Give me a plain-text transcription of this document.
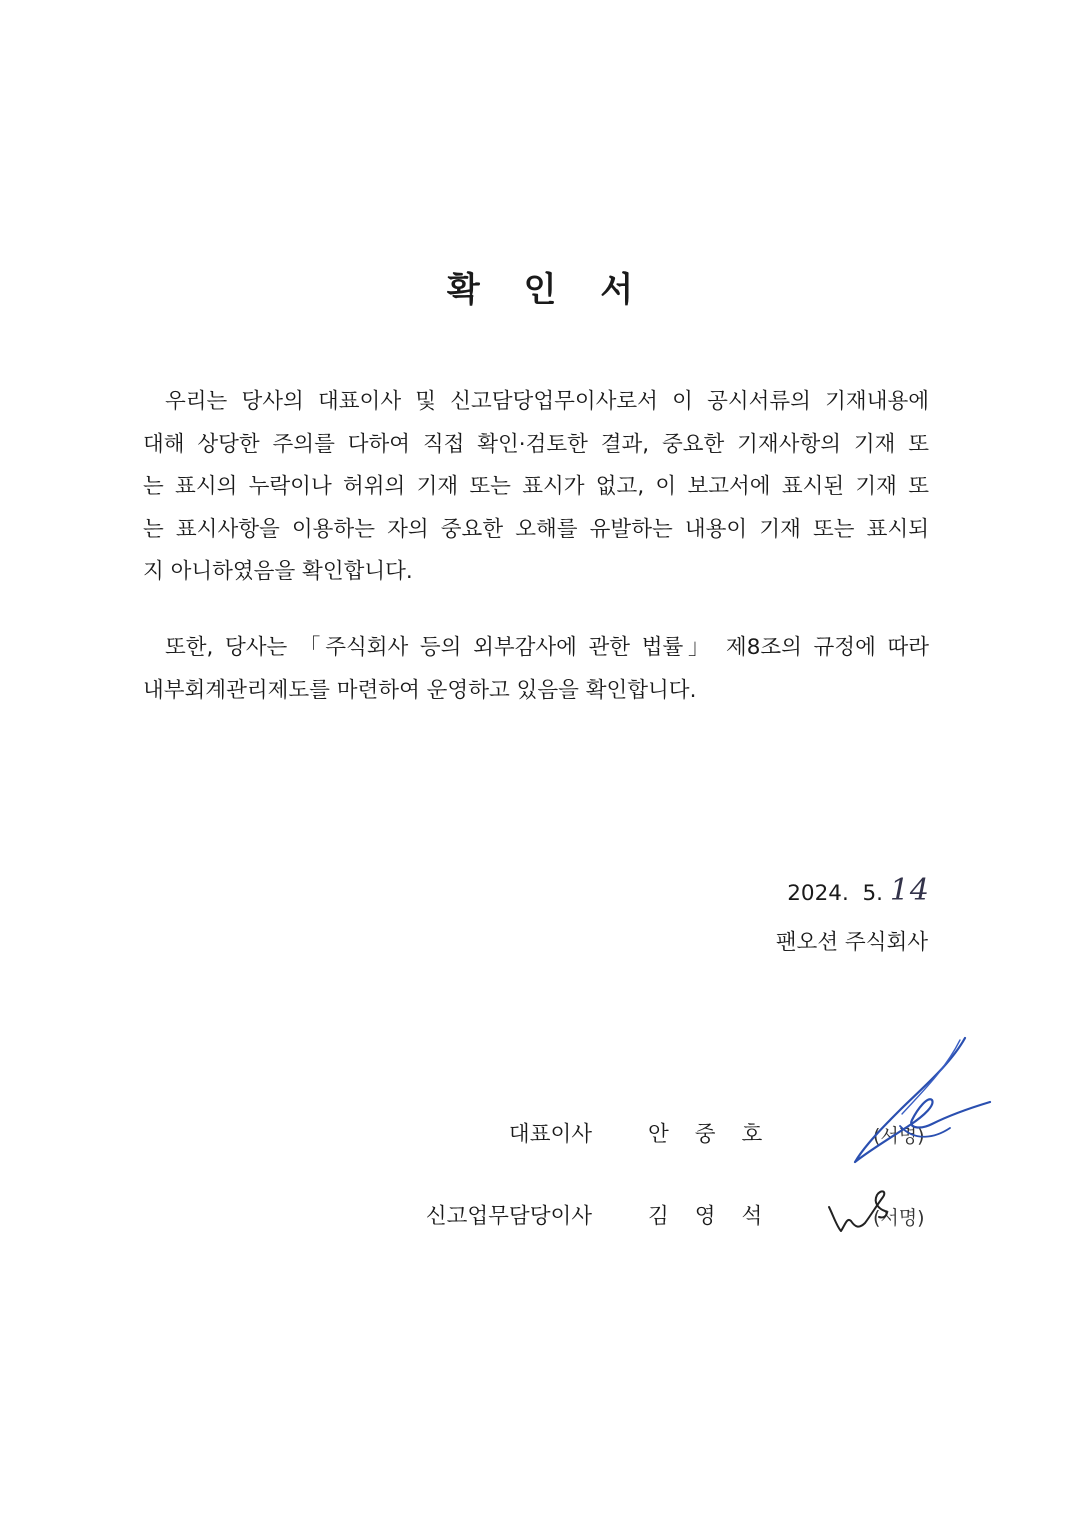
확 인 서
우리는 당사의 대표이사 및 신고담당업무이사로서 이 공시서류의 기재내용에
대해 상당한 주의를 다하여 직접 확인·검토한 결과, 중요한 기재사항의 기재 또
는 표시의 누락이나 허위의 기재 또는 표시가 없고, 이 보고서에 표시된 기재 또
는 표시사항을 이용하는 자의 중요한 오해를 유발하는 내용이 기재 또는 표시되
지 아니하였음을 확인합니다.
또한, 당사는 「주식회사 등의 외부감사에 관한 법률」 제8조의 규정에 따라
내부회계관리제도를 마련하여 운영하고 있음을 확인합니다.
2024.  5. 14
팬오션 주식회사
대표이사	안중호	(서명)
신고업무담당이사	김영석	(서명)
